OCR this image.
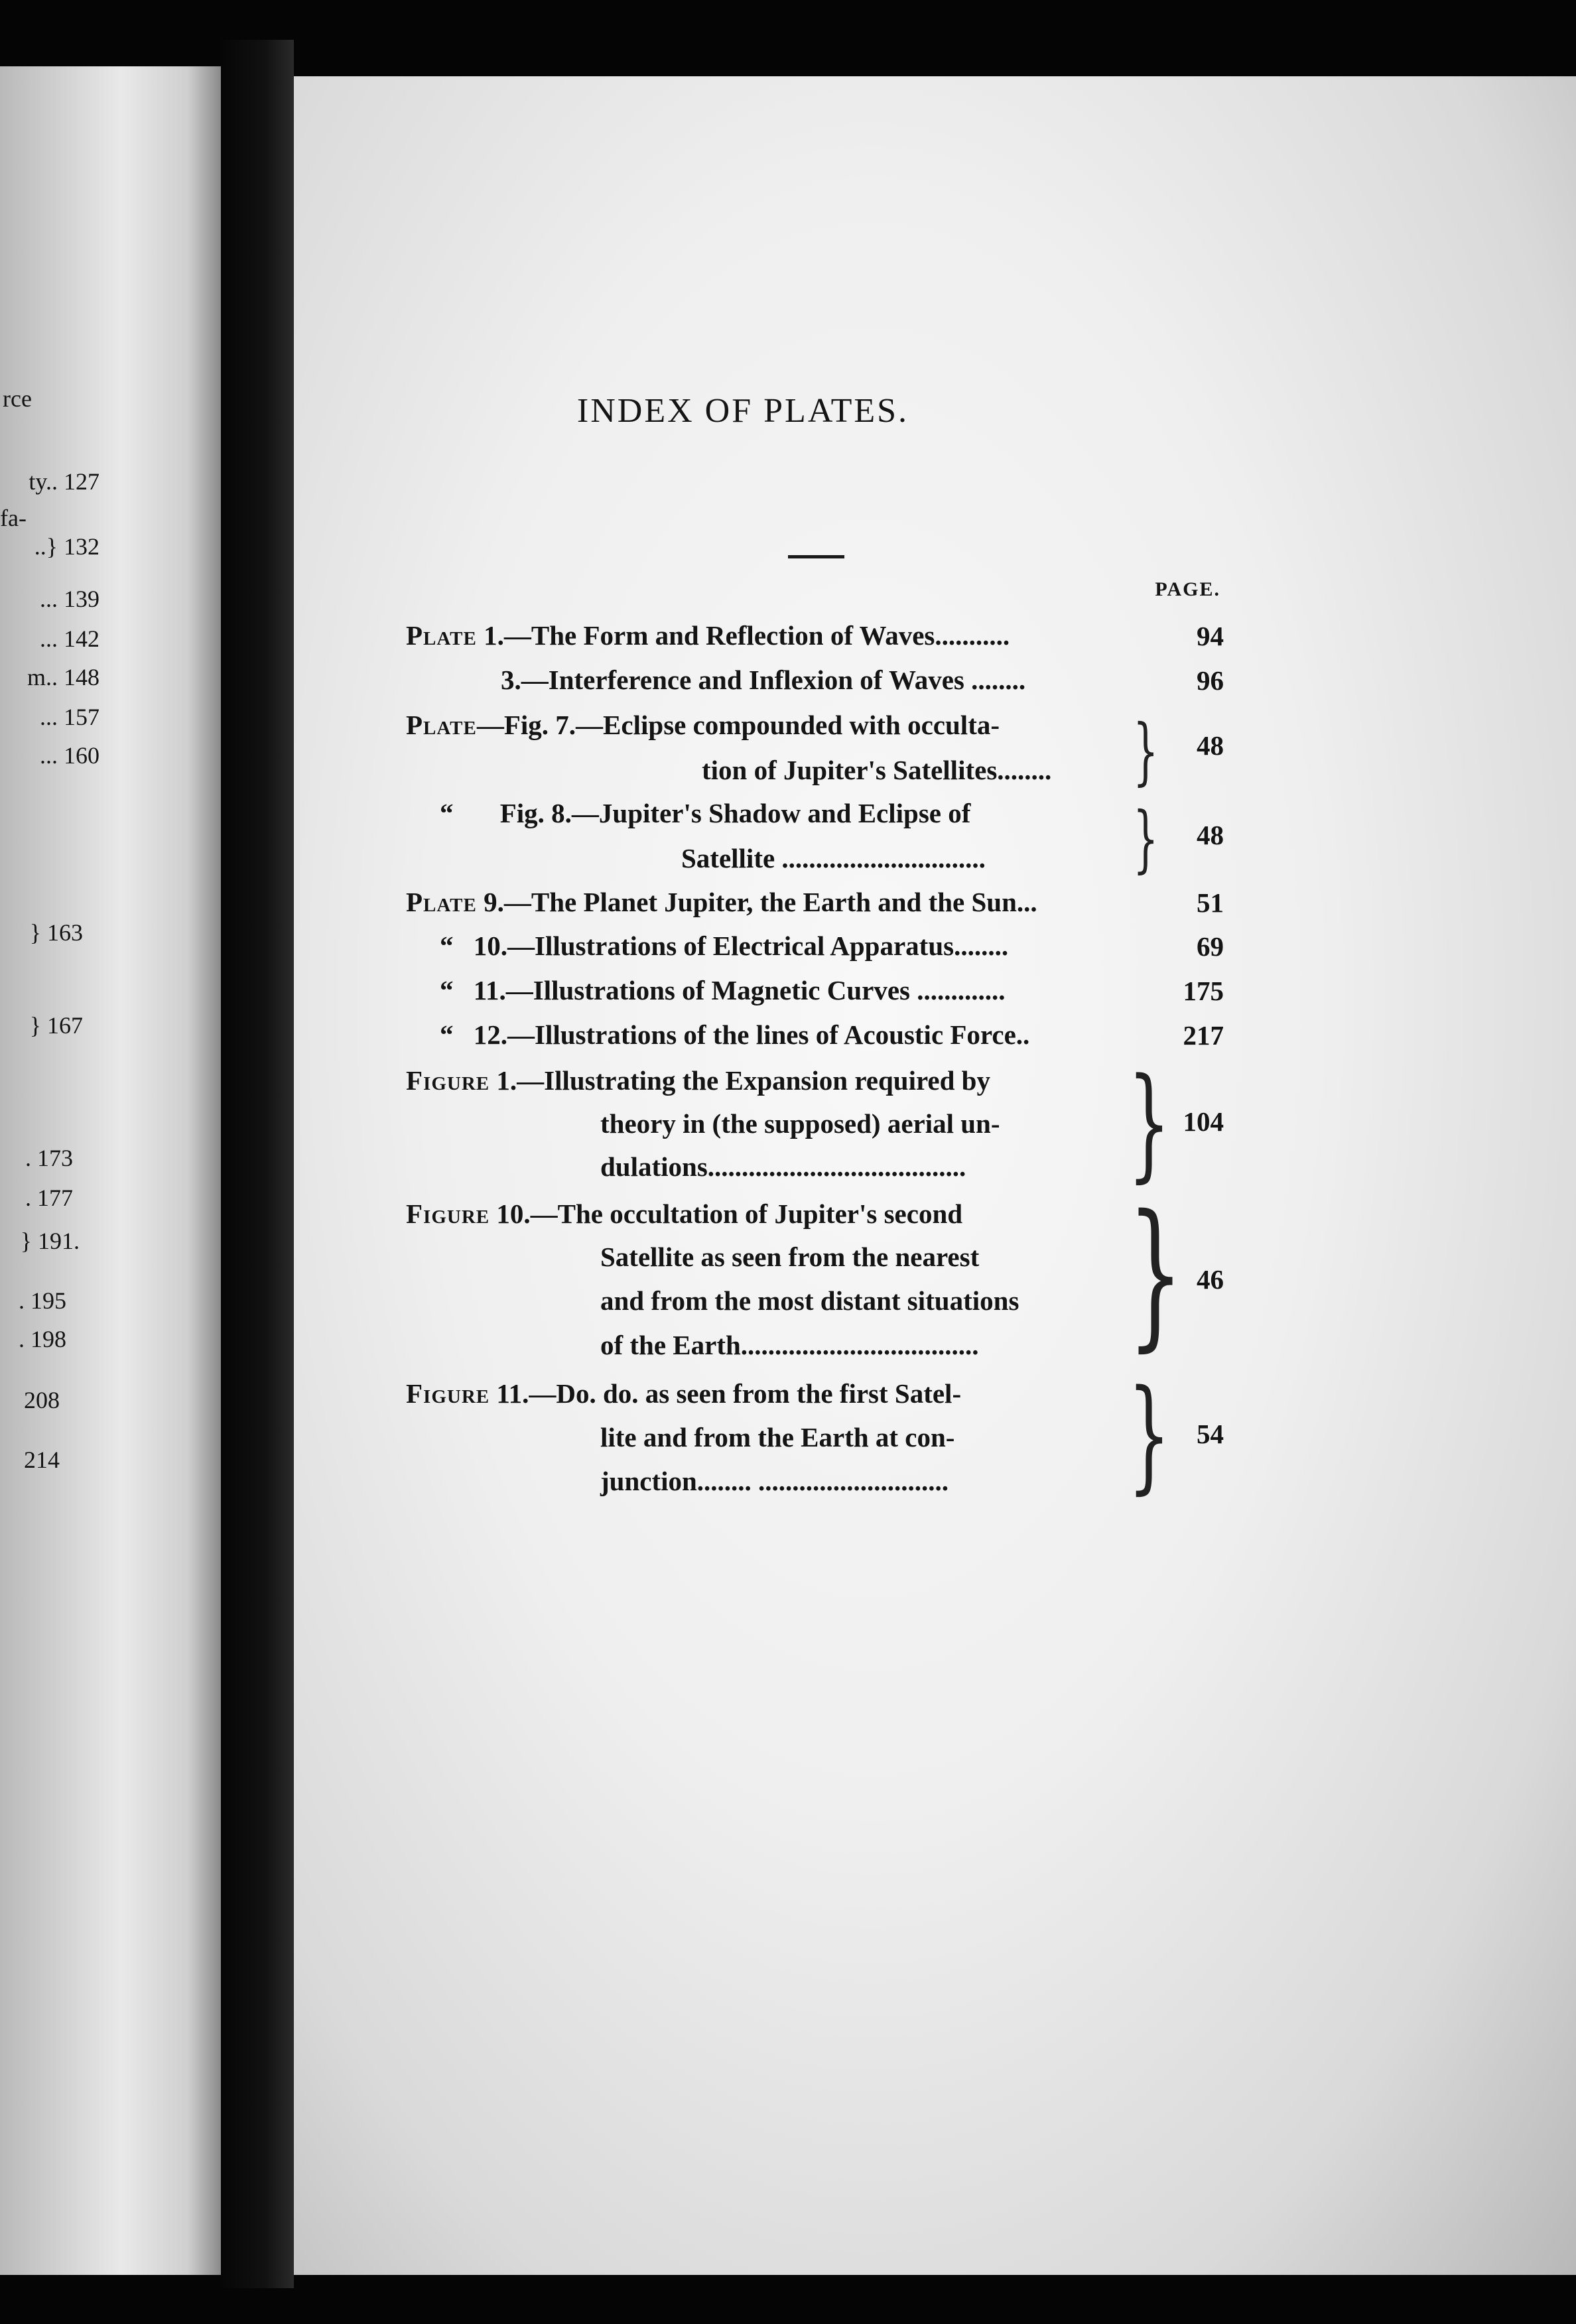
rce
ty.. 127
fa-
..} 132
... 139
... 142
m.. 148
... 157
... 160
} 163
} 167
. 173
. 177
} 191.
. 195
. 198
208
214
INDEX OF PLATES.
PAGE.
Plate 1.—The Form and Reflection of Waves...........	94
3.—Interference and Inflexion of Waves ........	96
Plate—Fig. 7.—Eclipse compounded with occulta-
tion of Jupiter's Satellites........ }	48
“ Fig. 8.—Jupiter's Shadow and Eclipse of
Satellite .............................. }	48
Plate 9.—The Planet Jupiter, the Earth and the Sun...	51
“ 10.—Illustrations of Electrical Apparatus........	69
“ 11.—Illustrations of Magnetic Curves .............	175
“ 12.—Illustrations of the lines of Acoustic Force..	217
Figure 1.—Illustrating the Expansion required by
theory in (the supposed) aerial un-
dulations...................................... } 104
Figure 10.—The occultation of Jupiter's second
Satellite as seen from the nearest
and from the most distant situations
of the Earth................................... } 46
Figure 11.—Do. do. as seen from the first Satel-
lite and from the Earth at con-
junction........ ............................ } 54
